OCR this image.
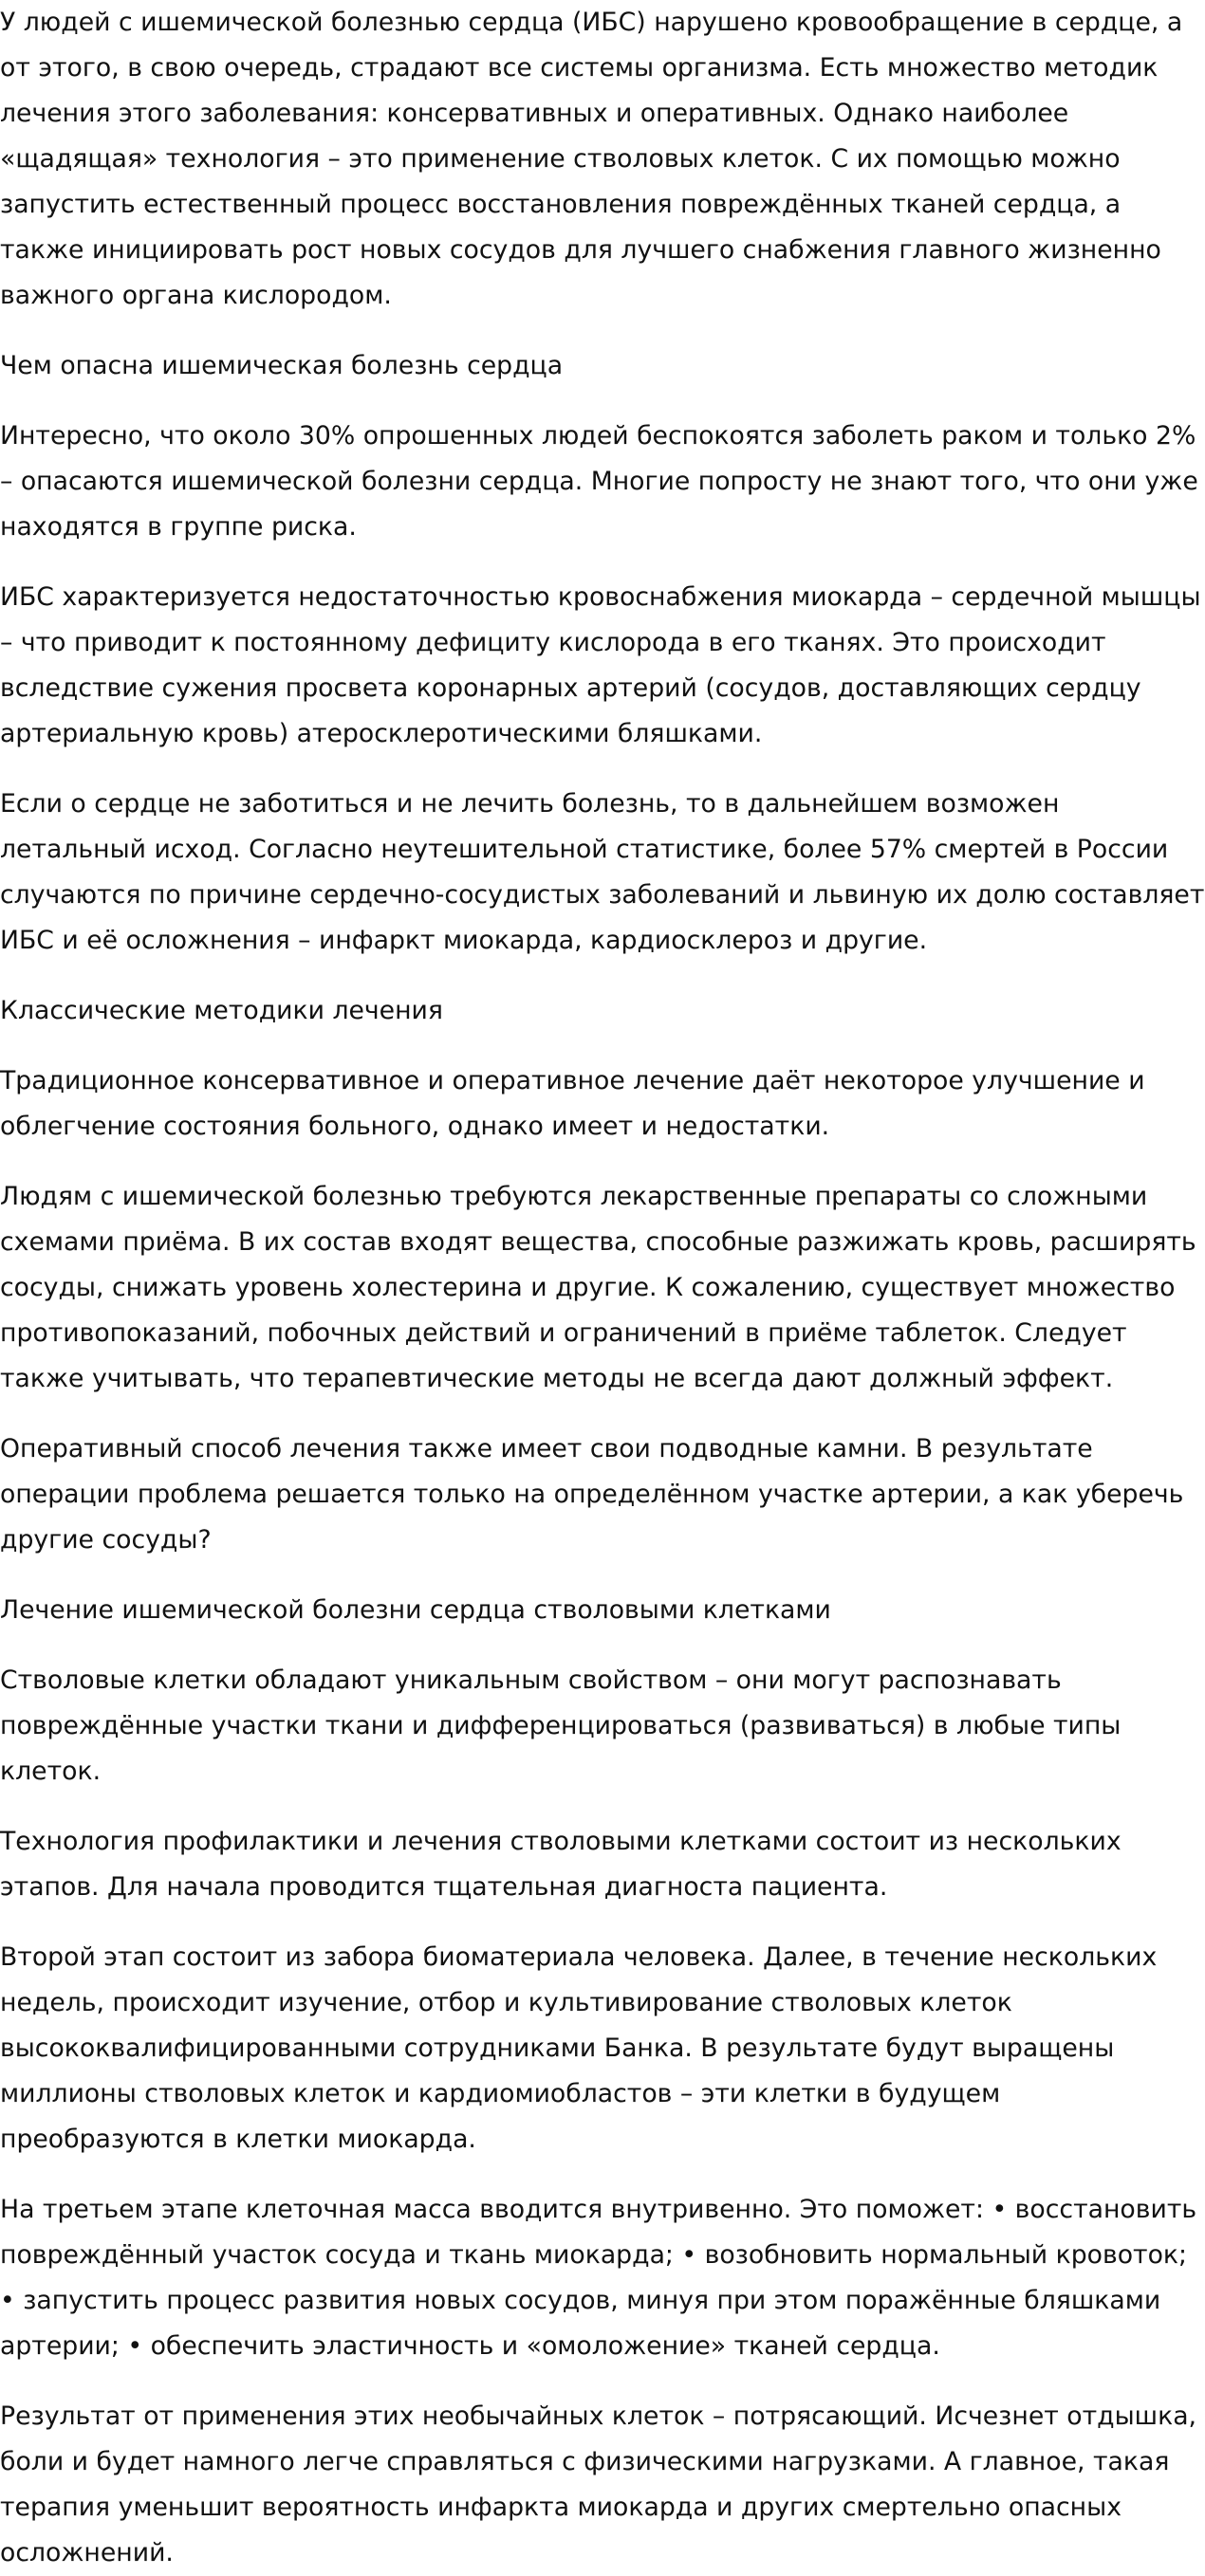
У людей с ишемической болезнью сердца (ИБС) нарушено кровообращение в сердце, а от этого, в свою очередь, страдают все системы организма. Есть множество методик лечения этого заболевания: консервативных и оперативных. Однако наиболее «щадящая» технология – это применение стволовых клеток. С их помощью можно запустить естественный процесс восстановления повреждённых тканей сердца, а также инициировать рост новых сосудов для лучшего снабжения главного жизненно важного органа кислородом.

Чем опасна ишемическая болезнь сердца

Интересно, что около 30% опрошенных людей беспокоятся заболеть раком и только 2% – опасаются ишемической болезни сердца. Многие попросту не знают того, что они уже находятся в группе риска.

ИБС характеризуется недостаточностью кровоснабжения миокарда – сердечной мышцы – что приводит к постоянному дефициту кислорода в его тканях. Это происходит вследствие сужения просвета коронарных артерий (сосудов, доставляющих сердцу артериальную кровь) атеросклеротическими бляшками.

Если о сердце не заботиться и не лечить болезнь, то в дальнейшем возможен летальный исход. Согласно неутешительной статистике, более 57% смертей в России случаются по причине сердечно-сосудистых заболеваний и львиную их долю составляет ИБС и её осложнения – инфаркт миокарда, кардиосклероз и другие.

Классические методики лечения

Традиционное консервативное и оперативное лечение даёт некоторое улучшение и облегчение состояния больного, однако имеет и недостатки.

Людям с ишемической болезнью требуются лекарственные препараты со сложными схемами приёма. В их состав входят вещества, способные разжижать кровь, расширять сосуды, снижать уровень холестерина и другие. К сожалению, существует множество противопоказаний, побочных действий и ограничений в приёме таблеток. Следует также учитывать, что терапевтические методы не всегда дают должный эффект.

Оперативный способ лечения также имеет свои подводные камни. В результате операции проблема решается только на определённом участке артерии, а как уберечь другие сосуды?

Лечение ишемической болезни сердца стволовыми клетками

Стволовые клетки обладают уникальным свойством – они могут распознавать повреждённые участки ткани и дифференцироваться (развиваться) в любые типы клеток.

Технология профилактики и лечения стволовыми клетками состоит из нескольких этапов. Для начала проводится тщательная диагноста пациента.

Второй этап состоит из забора биоматериала человека. Далее, в течение нескольких недель, происходит изучение, отбор и культивирование стволовых клеток высококвалифицированными сотрудниками Банка. В результате будут выращены миллионы стволовых клеток и кардиомиобластов – эти клетки в будущем преобразуются в клетки миокарда.

На третьем этапе клеточная масса вводится внутривенно. Это поможет: • восстановить повреждённый участок сосуда и ткань миокарда; • возобновить нормальный кровоток; • запустить процесс развития новых сосудов, минуя при этом поражённые бляшками артерии; • обеспечить эластичность и «омоложение» тканей сердца.

Результат от применения этих необычайных клеток – потрясающий. Исчезнет отдышка, боли и будет намного легче справляться с физическими нагрузками. А главное, такая терапия уменьшит вероятность инфаркта миокарда и других смертельно опасных осложнений.
